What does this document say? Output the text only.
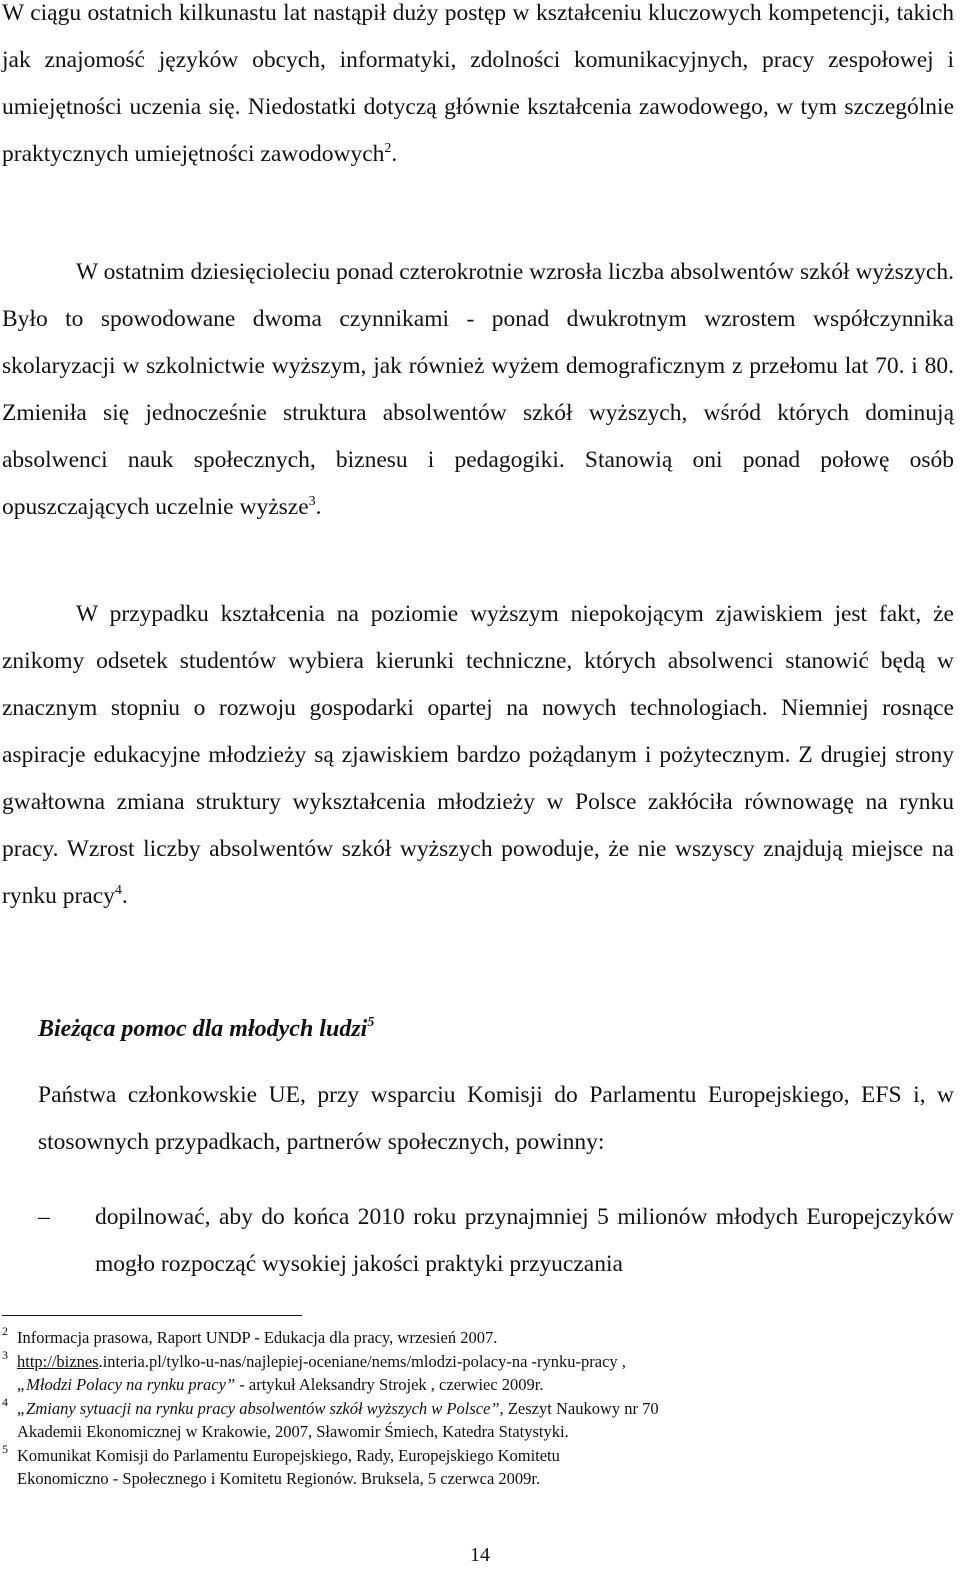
W ciągu ostatnich kilkunastu lat nastąpił duży postęp w kształceniu kluczowych kompetencji, takich jak znajomość języków obcych, informatyki, zdolności komunikacyjnych, pracy zespołowej i umiejętności uczenia się. Niedostatki dotyczą głównie kształcenia zawodowego, w tym szczególnie praktycznych umiejętności zawodowych$^2$.

W ostatnim dziesięcioleciu ponad czterokrotnie wzrosła liczba absolwentów szkół wyższych. Było to spowodowane dwoma czynnikami - ponad dwukrotnym wzrostem współczynnika skolaryzacji w szkolnictwie wyższym, jak również wyżem demograficznym z przełomu lat 70. i 80. Zmieniła się jednocześnie struktura absolwentów szkół wyższych, wśród których dominują absolwenci nauk społecznych, biznesu i pedagogiki. Stanowią oni ponad połowę osób opuszczających uczelnie wyższe$^3$.

W przypadku kształcenia na poziomie wyższym niepokojącym zjawiskiem jest fakt, że znikomy odsetek studentów wybiera kierunki techniczne, których absolwenci stanowić będą w znacznym stopniu o rozwoju gospodarki opartej na nowych technologiach. Niemniej rosnące aspiracje edukacyjne młodzieży są zjawiskiem bardzo pożądanym i pożytecznym. Z drugiej strony gwałtowna zmiana struktury wykształcenia młodzieży w Polsce zakłóciła równowagę na rynku pracy. Wzrost liczby absolwentów szkół wyższych powoduje, że nie wszyscy znajdują miejsce na rynku pracy$^4$.

Bieżąca pomoc dla młodych ludzi$^5$

Państwa członkowskie UE, przy wsparciu Komisji do Parlamentu Europejskiego, EFS i, w stosownych przypadkach, partnerów społecznych, powinny:

– dopilnować, aby do końca 2010 roku przynajmniej 5 milionów młodych Europejczyków mogło rozpocząć wysokiej jakości praktyki przyuczania

2 Informacja prasowa, Raport UNDP - Edukacja dla pracy, wrzesień 2007.
3 http://biznes.interia.pl/tylko-u-nas/najlepiej-oceniane/nems/mlodzi-polacy-na -rynku-pracy ,
„Młodzi Polacy na rynku pracy” - artykuł Aleksandry Strojek , czerwiec 2009r.
4 „Zmiany sytuacji na rynku pracy absolwentów szkół wyższych w Polsce”, Zeszyt Naukowy nr 70
Akademii Ekonomicznej w Krakowie, 2007, Sławomir Śmiech, Katedra Statystyki.
5 Komunikat Komisji do Parlamentu Europejskiego, Rady, Europejskiego Komitetu
Ekonomiczno - Społecznego i Komitetu Regionów. Bruksela, 5 czerwca 2009r.
14
